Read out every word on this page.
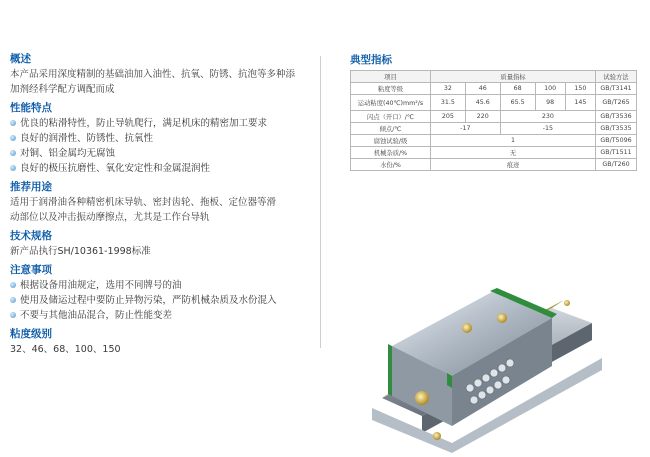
概述
本产品采用深度精制的基础油加入油性、抗氧、防锈、抗泡等多种添
加剂经科学配方调配而成
性能特点
优良的粘滑特性，防止导轨爬行，满足机床的精密加工要求
良好的润滑性、防锈性、抗氧性
对铜、铝金属均无腐蚀
良好的极压抗磨性、氧化安定性和金属混润性
推荐用途
适用于润滑油各种精密机床导轨、密封齿轮、拖板、定位器等滑
动部位以及冲击振动摩擦点，尤其是工作台导轨
技术规格
新产品执行SH/10361-1998标准
注意事项
根据设备用油规定，选用不同牌号的油
使用及储运过程中要防止异物污染，严防机械杂质及水份混入
不要与其他油品混合，防止性能变差
粘度级别
32、46、68、100、150
典型指标
项目	质量指标					试验方法
粘度等级	32	46	68	100	150	GB/T3141
运动粘度(40℃)mm²/s	31.5	45.6	65.5	98	145	GB/T265
闪点（开口）/℃	205	220	230			GB/T3536
倾点/℃	-17		-15			GB/T3535
腐蚀试验/级	1					GB/T5096
机械杂质/%	无					GB/T1511
水份/%	痕迹					GB/T260
